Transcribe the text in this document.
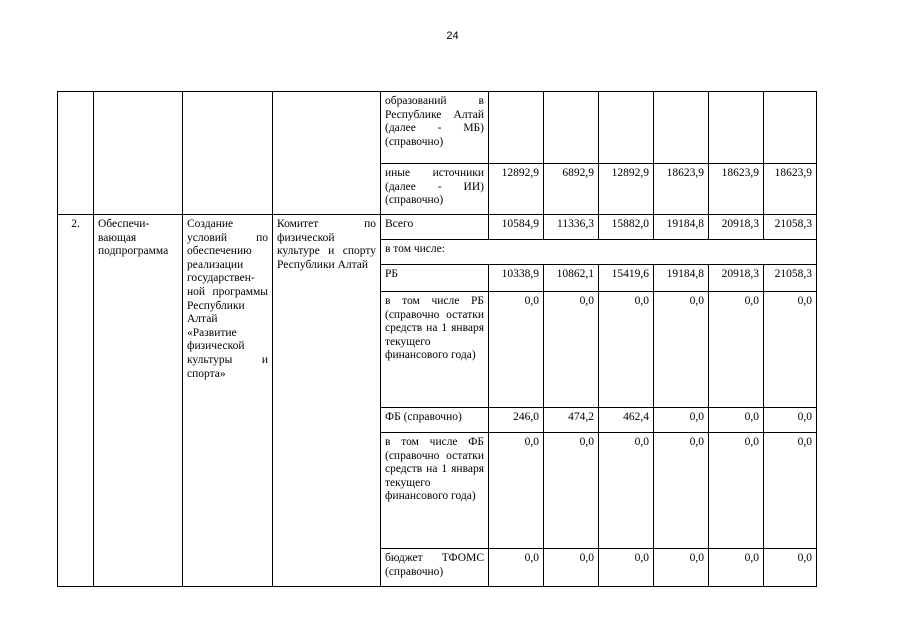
24
				образований в Республике Алтай (далее - МБ) (справочно)						
				иные источники (далее - ИИ) (справочно)	12892,9	6892,9	12892,9	18623,9	18623,9	18623,9
2.	Обеспечи-вающая подпрограмма	Создание условий по обеспечению реализации государствен-ной программы Республики Алтай «Развитие физической культуры и спорта»	Комитет по физической культуре и спорту Республики Алтай	Всего	10584,9	11336,3	15882,0	19184,8	20918,3	21058,3
				в том числе:						
				РБ	10338,9	10862,1	15419,6	19184,8	20918,3	21058,3
				в том числе РБ (справочно остатки средств на 1 января текущего финансового года)	0,0	0,0	0,0	0,0	0,0	0,0
				ФБ (справочно)	246,0	474,2	462,4	0,0	0,0	0,0
				в том числе ФБ (справочно остатки средств на 1 января текущего финансового года)	0,0	0,0	0,0	0,0	0,0	0,0
				бюджет ТФОМС (справочно)	0,0	0,0	0,0	0,0	0,0	0,0
